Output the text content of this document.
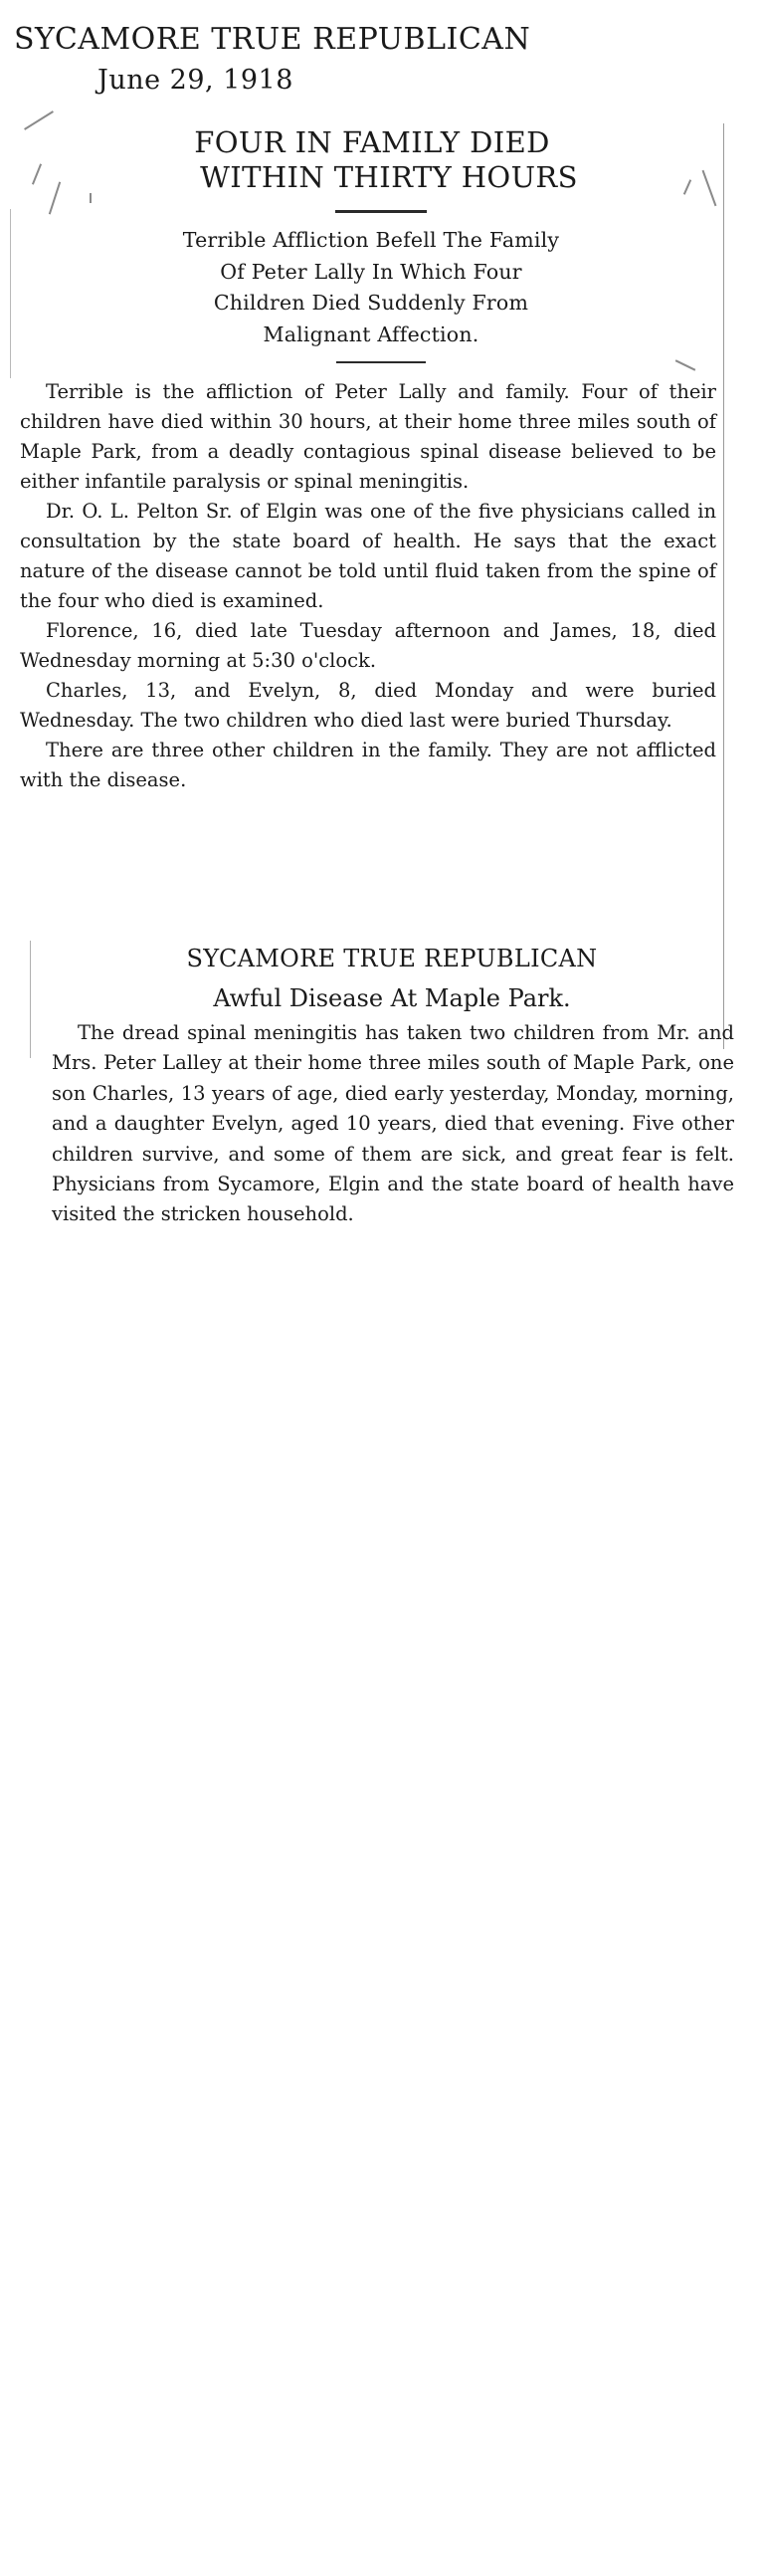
SYCAMORE TRUE REPUBLICAN
June 29, 1918
FOUR IN FAMILY DIED
WITHIN THIRTY HOURS
Terrible Affliction Befell The Family
Of Peter Lally In Which Four
Children Died Suddenly From
Malignant Affection.

Terrible is the affliction of Peter Lally and family. Four of their children have died within 30 hours, at their home three miles south of Maple Park, from a deadly contagious spinal disease believed to be either infantile paralysis or spinal meningitis.

Dr. O. L. Pelton Sr. of Elgin was one of the five physicians called in consultation by the state board of health. He says that the exact nature of the disease cannot be told until fluid taken from the spine of the four who died is examined.

Florence, 16, died late Tuesday afternoon and James, 18, died Wednesday morning at 5:30 o'clock.

Charles, 13, and Evelyn, 8, died Monday and were buried Wednesday. The two children who died last were buried Thursday.

There are three other children in the family. They are not afflicted with the disease.

SYCAMORE TRUE REPUBLICAN
Awful Disease At Maple Park.

The dread spinal meningitis has taken two children from Mr. and Mrs. Peter Lalley at their home three miles south of Maple Park, one son Charles, 13 years of age, died early yesterday, Monday, morning, and a daughter Evelyn, aged 10 years, died that evening. Five other children survive, and some of them are sick, and great fear is felt. Physicians from Sycamore, Elgin and the state board of health have visited the stricken household.
